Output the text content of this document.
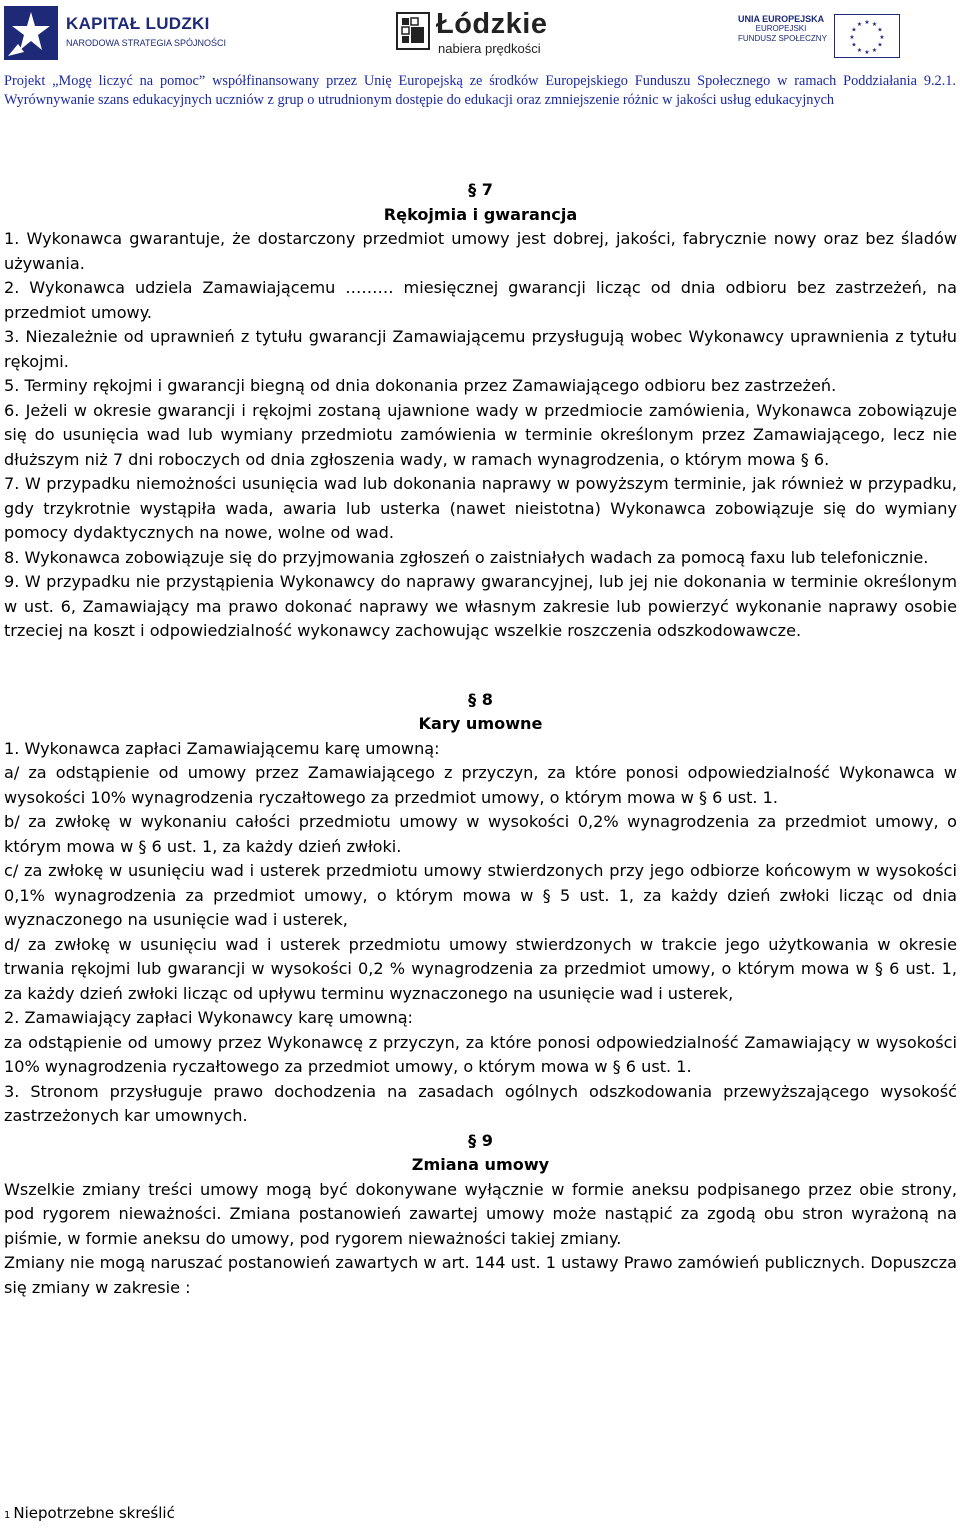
KAPITAŁ LUDZKI
NARODOWA STRATEGIA SPÓJNOŚCI
Łódzkie
nabiera prędkości
UNIA EUROPEJSKA
EUROPEJSKI
FUNDUSZ SPOŁECZNY
★ ★
★
★
★
★
★
★
★
★
★
★
Projekt „Mogę liczyć na pomoc” współfinansowany przez Unię Europejską ze środków Europejskiego Funduszu Społecznego w ramach Poddziałania 9.2.1. Wyrównywanie szans edukacyjnych uczniów z grup o utrudnionym dostępie do edukacji oraz zmniejszenie różnic w jakości usług edukacyjnych

§ 7

Rękojmia i gwarancja

1. Wykonawca gwarantuje, że dostarczony przedmiot umowy jest dobrej, jakości, fabrycznie nowy oraz bez śladów używania.

2. Wykonawca udziela Zamawiającemu ……… miesięcznej gwarancji licząc od dnia odbioru bez zastrzeżeń, na przedmiot umowy.

3. Niezależnie od uprawnień z tytułu gwarancji Zamawiającemu przysługują wobec Wykonawcy uprawnienia z tytułu rękojmi.

5. Terminy rękojmi i gwarancji biegną od dnia dokonania przez Zamawiającego odbioru bez zastrzeżeń.

6. Jeżeli w okresie gwarancji i rękojmi zostaną ujawnione wady w przedmiocie zamówienia, Wykonawca zobowiązuje się do usunięcia wad lub wymiany przedmiotu zamówienia w terminie określonym przez Zamawiającego, lecz nie dłuższym niż 7 dni roboczych od dnia zgłoszenia wady, w ramach wynagrodzenia, o którym mowa § 6.

7. W przypadku niemożności usunięcia wad lub dokonania naprawy w powyższym terminie, jak również w przypadku, gdy trzykrotnie wystąpiła wada, awaria lub usterka (nawet nieistotna) Wykonawca zobowiązuje się do wymiany pomocy dydaktycznych na nowe, wolne od wad.

8. Wykonawca zobowiązuje się do przyjmowania zgłoszeń o zaistniałych wadach za pomocą faxu lub telefonicznie.

9. W przypadku nie przystąpienia Wykonawcy do naprawy gwarancyjnej, lub jej nie dokonania w terminie określonym w ust. 6, Zamawiający ma prawo dokonać naprawy we własnym zakresie lub powierzyć wykonanie naprawy osobie trzeciej na koszt i odpowiedzialność wykonawcy zachowując wszelkie roszczenia odszkodowawcze.

§ 8

Kary umowne

1. Wykonawca zapłaci Zamawiającemu karę umowną:

a/ za odstąpienie od umowy przez Zamawiającego z przyczyn, za które ponosi odpowiedzialność Wykonawca w wysokości 10% wynagrodzenia ryczałtowego za przedmiot umowy, o którym mowa w § 6 ust. 1.

b/ za zwłokę w wykonaniu całości przedmiotu umowy w wysokości 0,2% wynagrodzenia za przedmiot umowy, o którym mowa w § 6 ust. 1, za każdy dzień zwłoki.

c/ za zwłokę w usunięciu wad i usterek przedmiotu umowy stwierdzonych przy jego odbiorze końcowym w wysokości 0,1% wynagrodzenia za przedmiot umowy, o którym mowa w § 5 ust. 1, za każdy dzień zwłoki licząc od dnia wyznaczonego na usunięcie wad i usterek,

d/ za zwłokę w usunięciu wad i usterek przedmiotu umowy stwierdzonych w trakcie jego użytkowania w okresie trwania rękojmi lub gwarancji w wysokości 0,2 % wynagrodzenia za przedmiot umowy, o którym mowa w § 6 ust. 1, za każdy dzień zwłoki licząc od upływu terminu wyznaczonego na usunięcie wad i usterek,

2. Zamawiający zapłaci Wykonawcy karę umowną:

za odstąpienie od umowy przez Wykonawcę z przyczyn, za które ponosi odpowiedzialność Zamawiający w wysokości 10% wynagrodzenia ryczałtowego za przedmiot umowy, o którym mowa w § 6 ust. 1.

3. Stronom przysługuje prawo dochodzenia na zasadach ogólnych odszkodowania przewyższającego wysokość zastrzeżonych kar umownych.

§ 9

Zmiana umowy

Wszelkie zmiany treści umowy mogą być dokonywane wyłącznie w formie aneksu podpisanego przez obie strony, pod rygorem nieważności. Zmiana postanowień zawartej umowy może nastąpić za zgodą obu stron wyrażoną na piśmie, w formie aneksu do umowy, pod rygorem nieważności takiej zmiany.

Zmiany nie mogą naruszać postanowień zawartych w art. 144 ust. 1 ustawy Prawo zamówień publicznych. Dopuszcza się zmiany w zakresie :

1 Niepotrzebne skreślić
